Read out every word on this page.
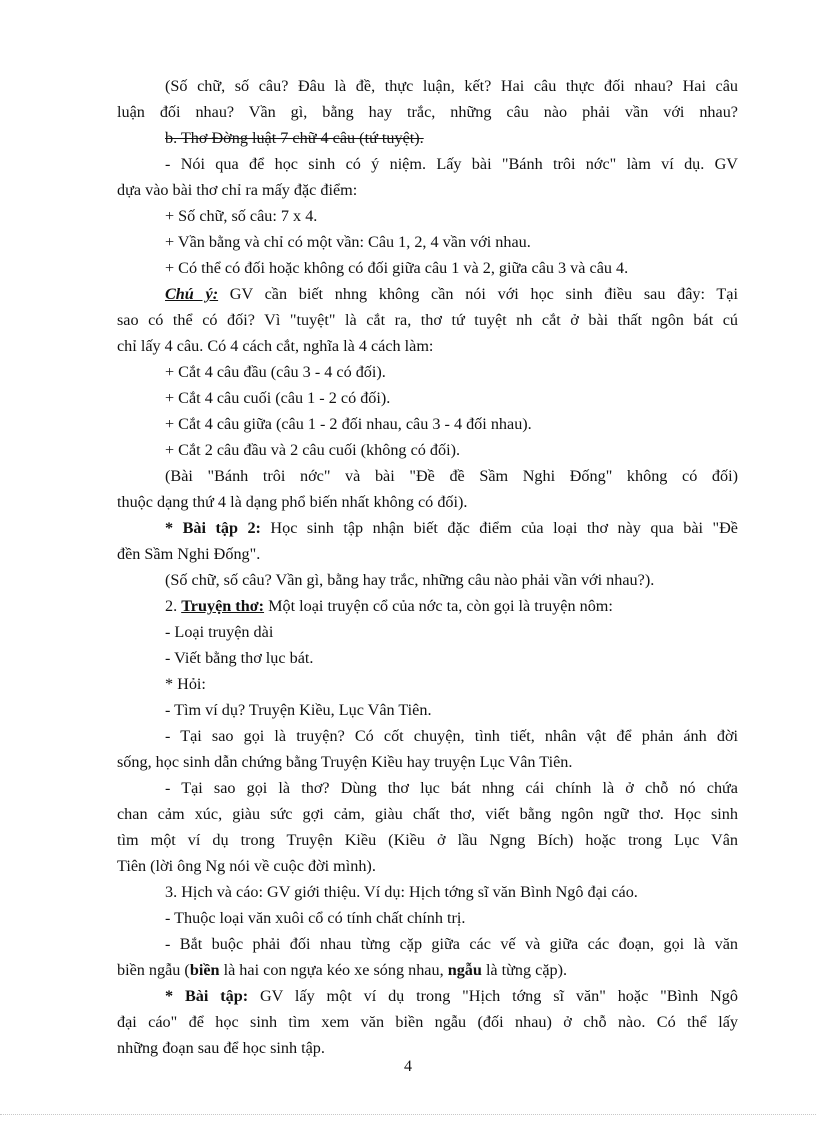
(Số chữ, số câu? Đâu là đề, thực luận, kết? Hai câu thực đối nhau? Hai câu
luận đối nhau? Vần gì, bằng hay trắc, những câu nào phải vần với nhau?
b. Thơ Đờng luật 7 chữ 4 câu (tứ tuyệt).
- Nói qua để học sinh có ý niệm. Lấy bài "Bánh trôi nớc" làm ví dụ. GV
dựa vào bài thơ chỉ ra mấy đặc điểm:
+ Số chữ, số câu: 7 x 4.
+ Vần bằng và chỉ có một vần: Câu 1, 2, 4 vần với nhau.
+ Có thể có đối hoặc không có đối giữa câu 1 và 2, giữa câu 3 và câu 4.
Chú ý: GV cần biết nhng không cần nói với học sinh điều sau đây: Tại
sao có thể có đối? Vì "tuyệt" là cắt ra, thơ tứ tuyệt nh cắt ở bài thất ngôn bát cú
chỉ lấy 4 câu. Có 4 cách cắt, nghĩa là 4 cách làm:
+ Cắt 4 câu đầu (câu 3 - 4 có đối).
+ Cắt 4 câu cuối (câu 1 - 2 có đối).
+ Cắt 4 câu giữa (câu 1 - 2 đối nhau, câu 3 - 4 đối nhau).
+ Cắt 2 câu đầu và 2 câu cuối (không có đối).
(Bài "Bánh trôi nớc" và bài "Đề đề Sầm Nghi Đống" không có đối)
thuộc dạng thứ 4 là dạng phổ biến nhất không có đối).
* Bài tập 2: Học sinh tập nhận biết đặc điểm của loại thơ này qua bài "Đề
đền Sầm Nghi Đống".
(Số chữ, số câu? Vần gì, bằng hay trắc, những câu nào phải vần với nhau?).
2. Truyện thơ: Một loại truyện cổ của nớc ta, còn gọi là truyện nôm:
- Loại truyện dài
- Viết bằng thơ lục bát.
* Hỏi:
- Tìm ví dụ? Truyện Kiều, Lục Vân Tiên.
- Tại sao gọi là truyện? Có cốt chuyện, tình tiết, nhân vật để phản ánh đời
sống, học sinh dẫn chứng bằng Truyện Kiều hay truyện Lục Vân Tiên.
- Tại sao gọi là thơ? Dùng thơ lục bát nhng cái chính là ở chỗ nó chứa
chan cảm xúc, giàu sức gợi cảm, giàu chất thơ, viết bằng ngôn ngữ thơ. Học sinh
tìm một ví dụ trong Truyện Kiều (Kiều ở lầu Ngng Bích) hoặc trong Lục Vân
Tiên (lời ông Ng nói về cuộc đời mình).
3. Hịch và cáo: GV giới thiệu. Ví dụ: Hịch tớng sĩ văn Bình Ngô đại cáo.
- Thuộc loại văn xuôi cổ có tính chất chính trị.
- Bắt buộc phải đối nhau từng cặp giữa các vế và giữa các đoạn, gọi là văn
biền ngẫu (biền là hai con ngựa kéo xe sóng nhau, ngẫu là từng cặp).
* Bài tập: GV lấy một ví dụ trong "Hịch tớng sĩ văn" hoặc "Bình Ngô
đại cáo" để học sinh tìm xem văn biền ngẫu (đối nhau) ở chỗ nào. Có thể lấy
những đoạn sau để học sinh tập.
4
